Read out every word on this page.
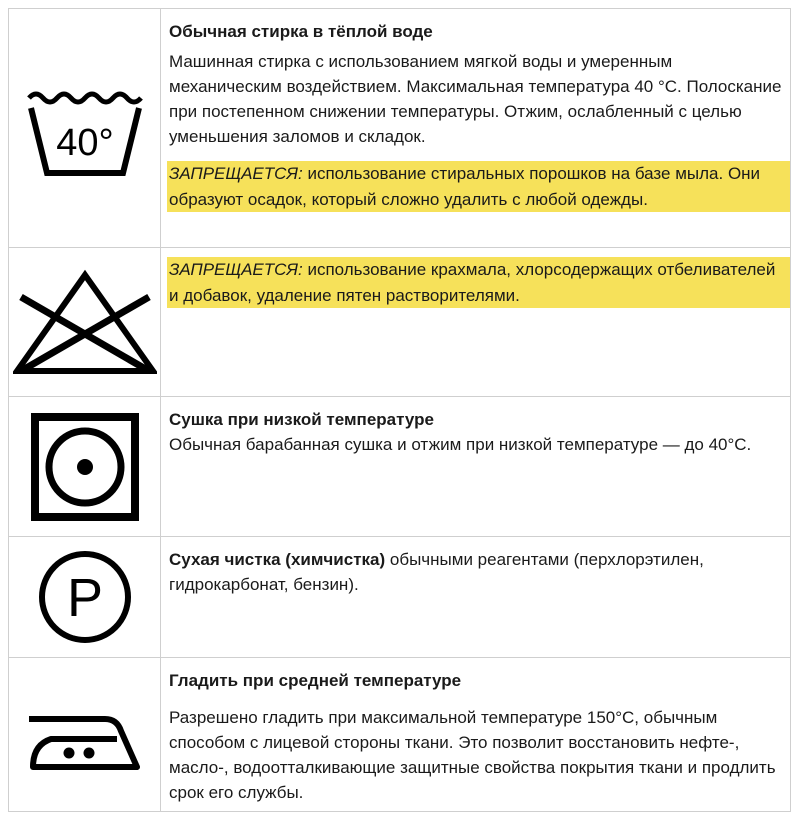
40°

Обычная стирка в тёплой воде

Машинная стирка с использованием мягкой воды и умеренным механическим воздействием. Максимальная температура 40 °C. Полоскание при постепенном снижении температуры. Отжим, ослабленный с целью уменьшения заломов и складок.

ЗАПРЕЩАЕТСЯ: использование стиральных порошков на базе мыла. Они образуют осадок, который сложно удалить с любой одежды.
ЗАПРЕЩАЕТСЯ: использование крахмала, хлорсодержащих отбеливателей и добавок, удаление пятен растворителями.

Сушка при низкой температуре

Обычная барабанная сушка и отжим при низкой температуре — до 40°C.

P

Сухая чистка (химчистка) обычными реагентами (перхлорэтилен, гидрокарбонат, бензин).

Гладить при средней температуре

Разрешено гладить при максимальной температуре 150°C, обычным способом с лицевой стороны ткани. Это позволит восстановить нефте-, масло-, водоотталкивающие защитные свойства покрытия ткани и продлить срок его службы.
